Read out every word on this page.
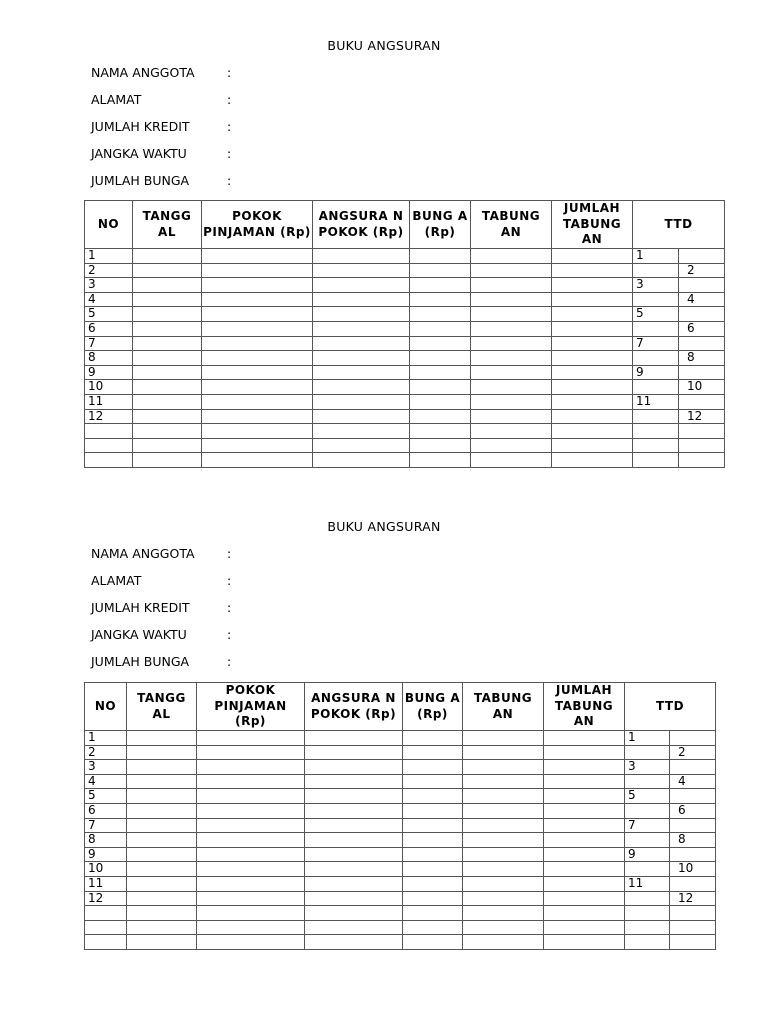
BUKU ANGSURAN
NAMA ANGGOTA	:
ALAMAT	:
JUMLAH KREDIT	:
JANGKA WAKTU	:
JUMLAH BUNGA	:
NO	TANGG AL	POKOK PINJAMAN (Rp)	ANGSURA N POKOK (Rp)	BUNG A (Rp)	TABUNG AN	JUMLAH TABUNG AN	TTD	
1							1	
2								2
3							3	
4								4
5							5	
6								6
7							7	
8								8
9							9	
10								10
11							11	
12								12

BUKU ANGSURAN
NAMA ANGGOTA	:
ALAMAT	:
JUMLAH KREDIT	:
JANGKA WAKTU	:
JUMLAH BUNGA	:
NO	TANGG AL	POKOK PINJAMAN (Rp)	ANGSURA N POKOK (Rp)	BUNG A (Rp)	TABUNG AN	JUMLAH TABUNG AN	TTD	
1							1	
2								2
3							3	
4								4
5							5	
6								6
7							7	
8								8
9							9	
10								10
11							11	
12								12
